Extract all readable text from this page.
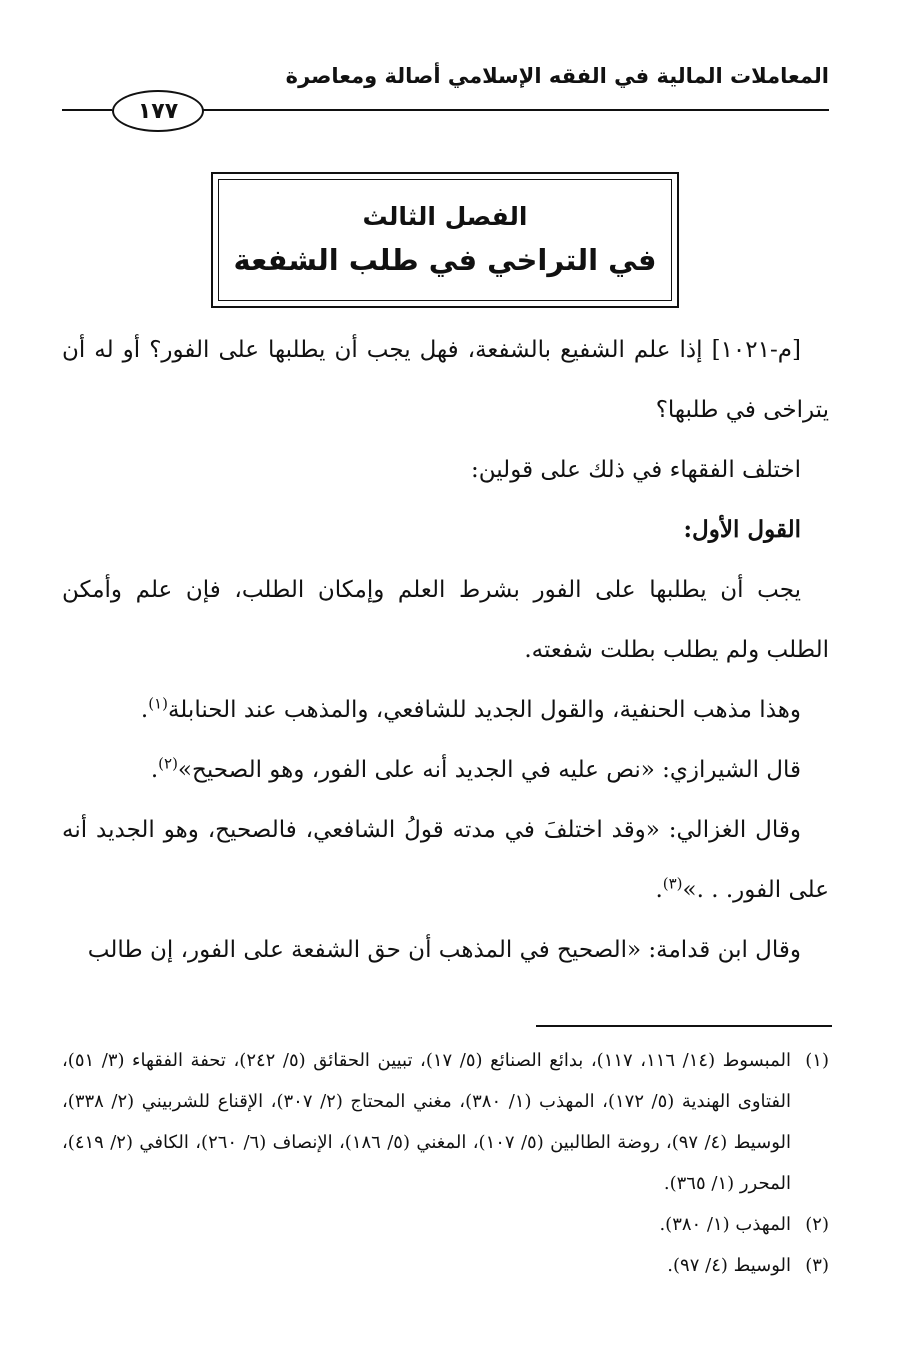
المعاملات المالية في الفقه الإسلامي أصالة ومعاصرة
١٧٧
الفصل الثالث
في التراخي في طلب الشفعة

[م-١٠٢١] إذا علم الشفيع بالشفعة، فهل يجب أن يطلبها على الفور؟ أو له أن يتراخى في طلبها؟

اختلف الفقهاء في ذلك على قولين:

القول الأول:

يجب أن يطلبها على الفور بشرط العلم وإمكان الطلب، فإن علم وأمكن الطلب ولم يطلب بطلت شفعته.

وهذا مذهب الحنفية، والقول الجديد للشافعي، والمذهب عند الحنابلة$^{(١)}$.

قال الشيرازي: «نص عليه في الجديد أنه على الفور، وهو الصحيح»$^{(٢)}$.

وقال الغزالي: «وقد اختلفَ في مدته قولُ الشافعي، فالصحيح، وهو الجديد أنه على الفور. . .»$^{(٣)}$.

وقال ابن قدامة: «الصحيح في المذهب أن حق الشفعة على الفور، إن طالب

(١)
المبسوط (١٤/ ١١٦، ١١٧)، بدائع الصنائع (٥/ ١٧)، تبيين الحقائق (٥/ ٢٤٢)، تحفة الفقهاء (٣/ ٥١)، الفتاوى الهندية (٥/ ١٧٢)، المهذب (١/ ٣٨٠)، مغني المحتاج (٢/ ٣٠٧)، الإقناع للشربيني (٢/ ٣٣٨)، الوسيط (٤/ ٩٧)، روضة الطالبين (٥/ ١٠٧)، المغني (٥/ ١٨٦)، الإنصاف (٦/ ٢٦٠)، الكافي (٢/ ٤١٩)، المحرر (١/ ٣٦٥).
(٢)
المهذب (١/ ٣٨٠).
(٣)
الوسيط (٤/ ٩٧).
